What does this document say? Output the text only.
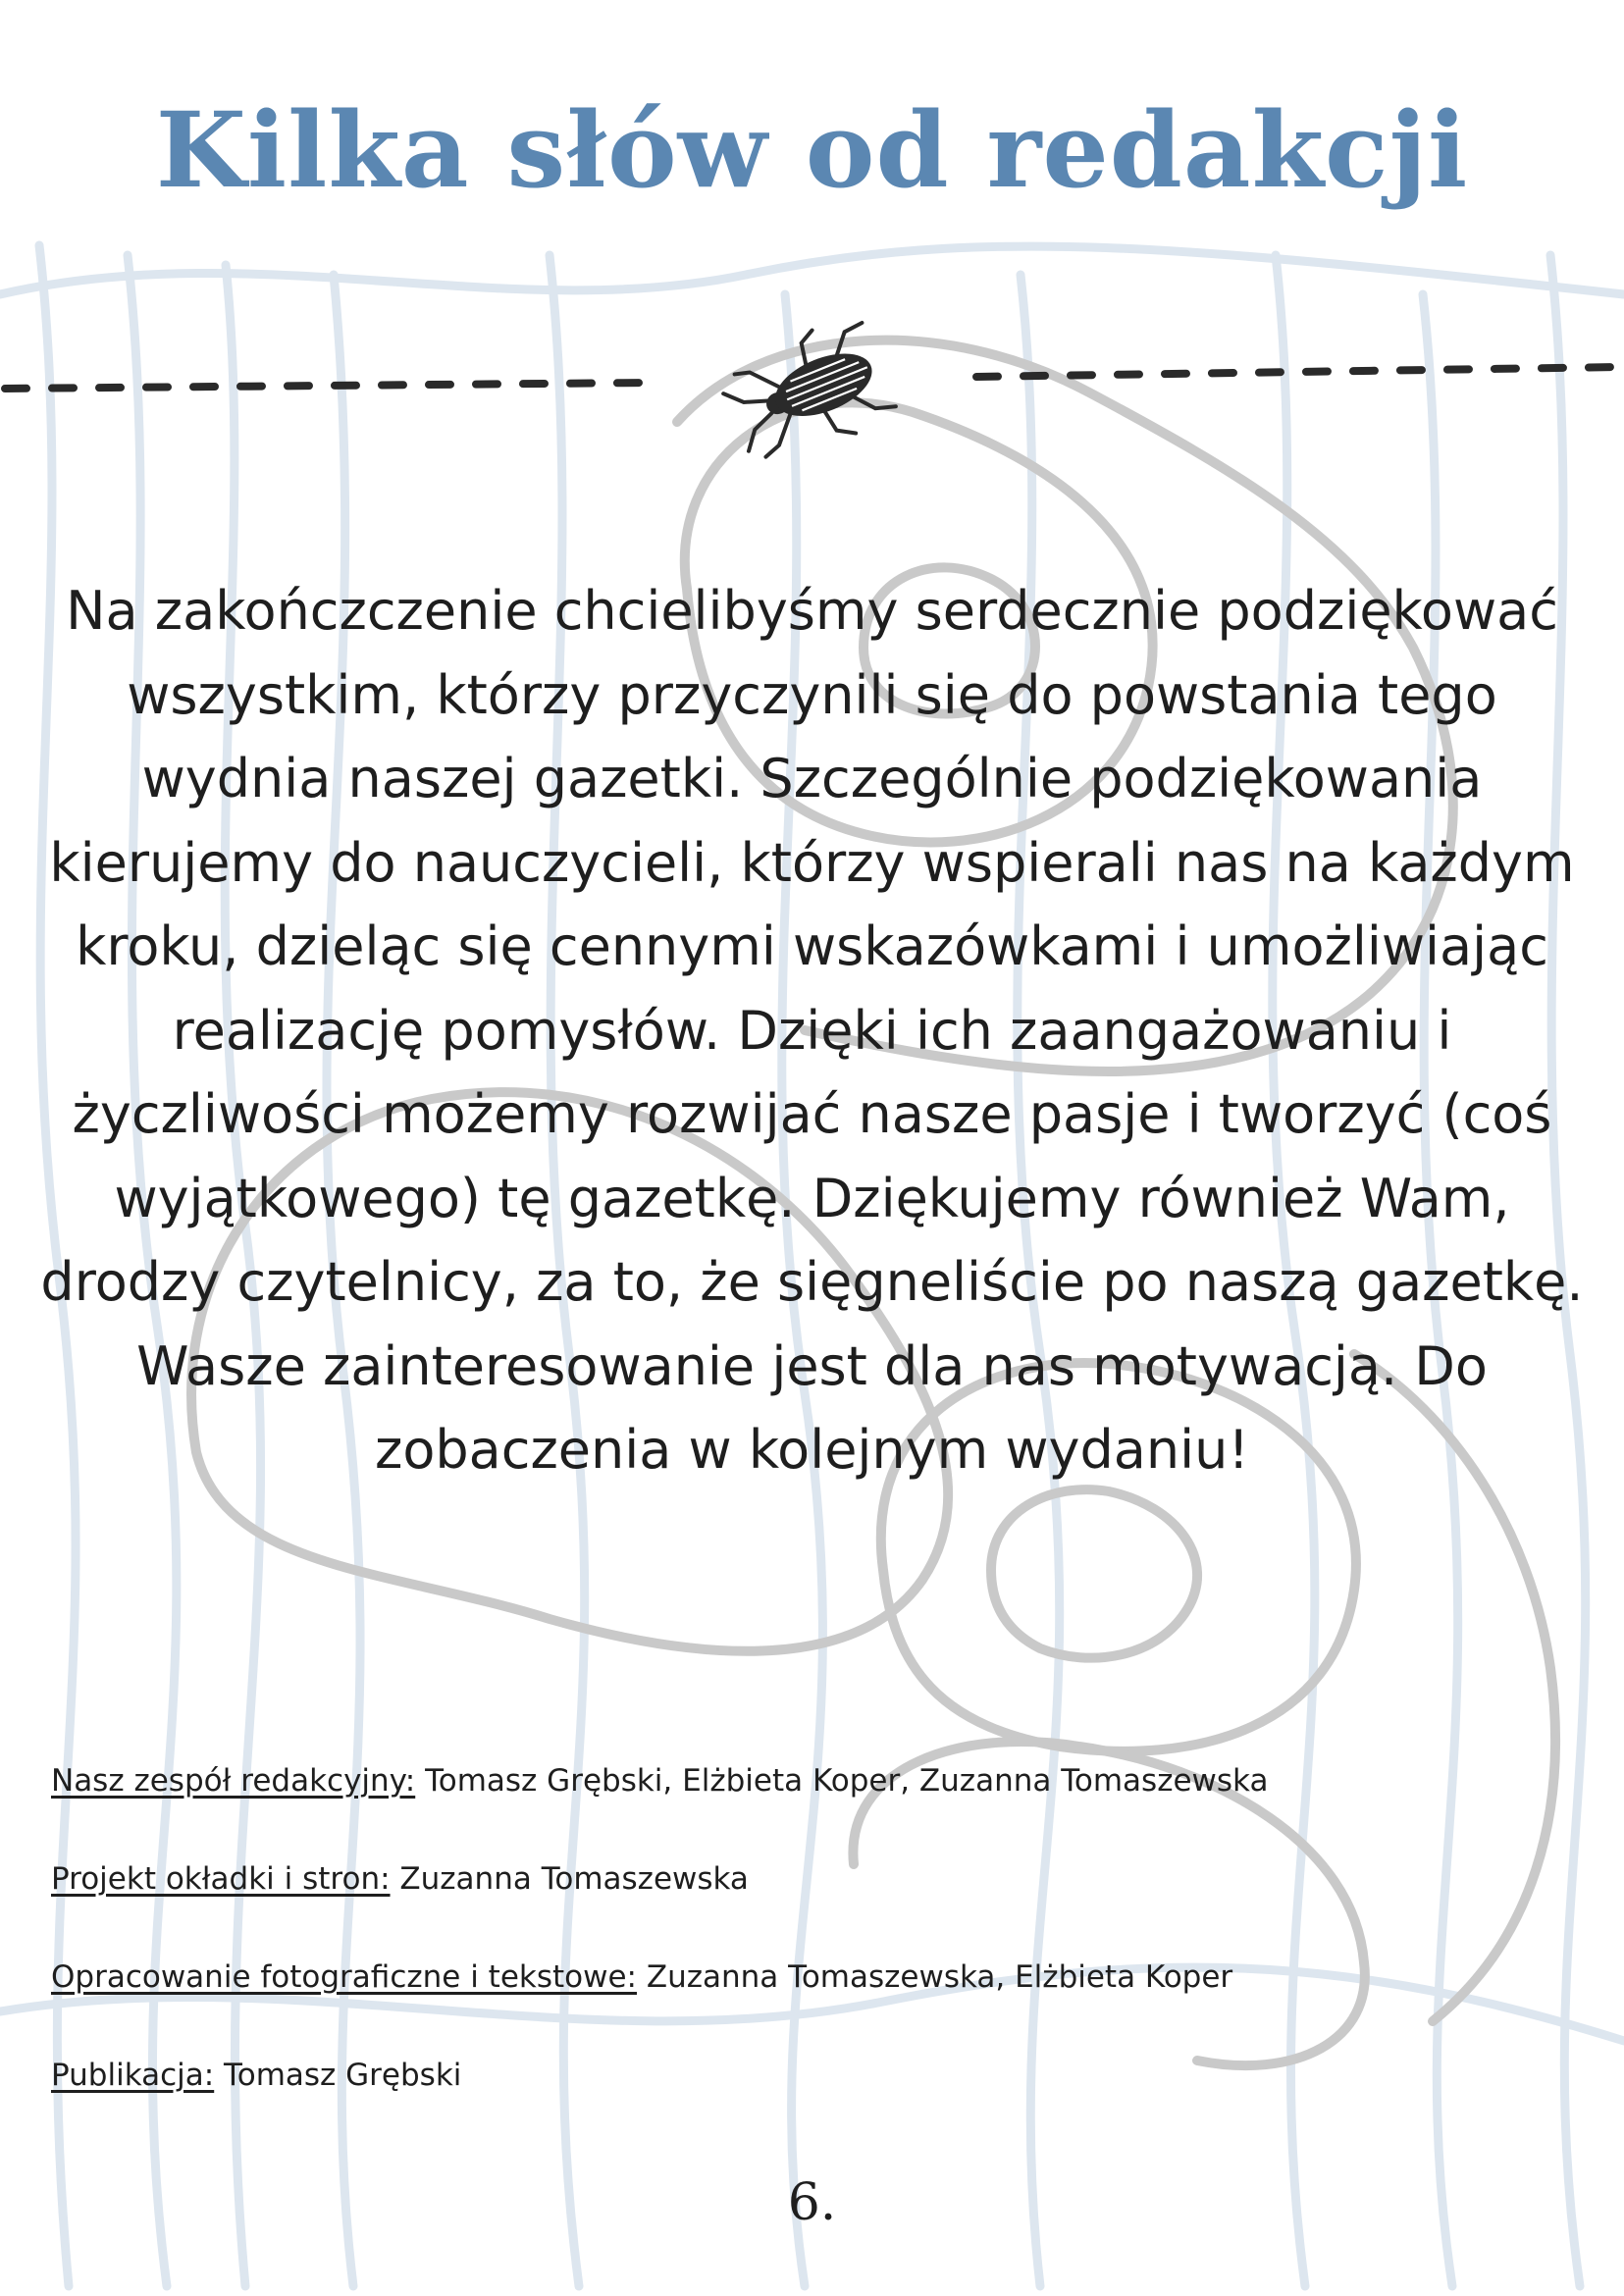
Kilka słów od redakcji

Na zakończczenie chcielibyśmy serdecznie podziękować wszystkim, którzy przyczynili się do powstania tego wydnia naszej gazetki. Szczególnie podziękowania kierujemy do nauczycieli, którzy wspierali nas na każdym kroku, dzieląc się cennymi wskazówkami i umożliwiając realizację pomysłów. Dzięki ich zaangażowaniu i życzliwości możemy rozwijać nasze pasje i tworzyć (coś wyjątkowego) tę gazetkę. Dziękujemy również Wam, drodzy czytelnicy, za to, że sięgneliście po naszą gazetkę. Wasze zainteresowanie jest dla nas motywacją. Do zobaczenia w kolejnym wydaniu!

Nasz zespół redakcyjny: Tomasz Grębski, Elżbieta Koper, Zuzanna Tomaszewska

Projekt okładki i stron: Zuzanna Tomaszewska

Opracowanie fotograficzne i tekstowe: Zuzanna Tomaszewska, Elżbieta Koper

Publikacja: Tomasz Grębski

6.
